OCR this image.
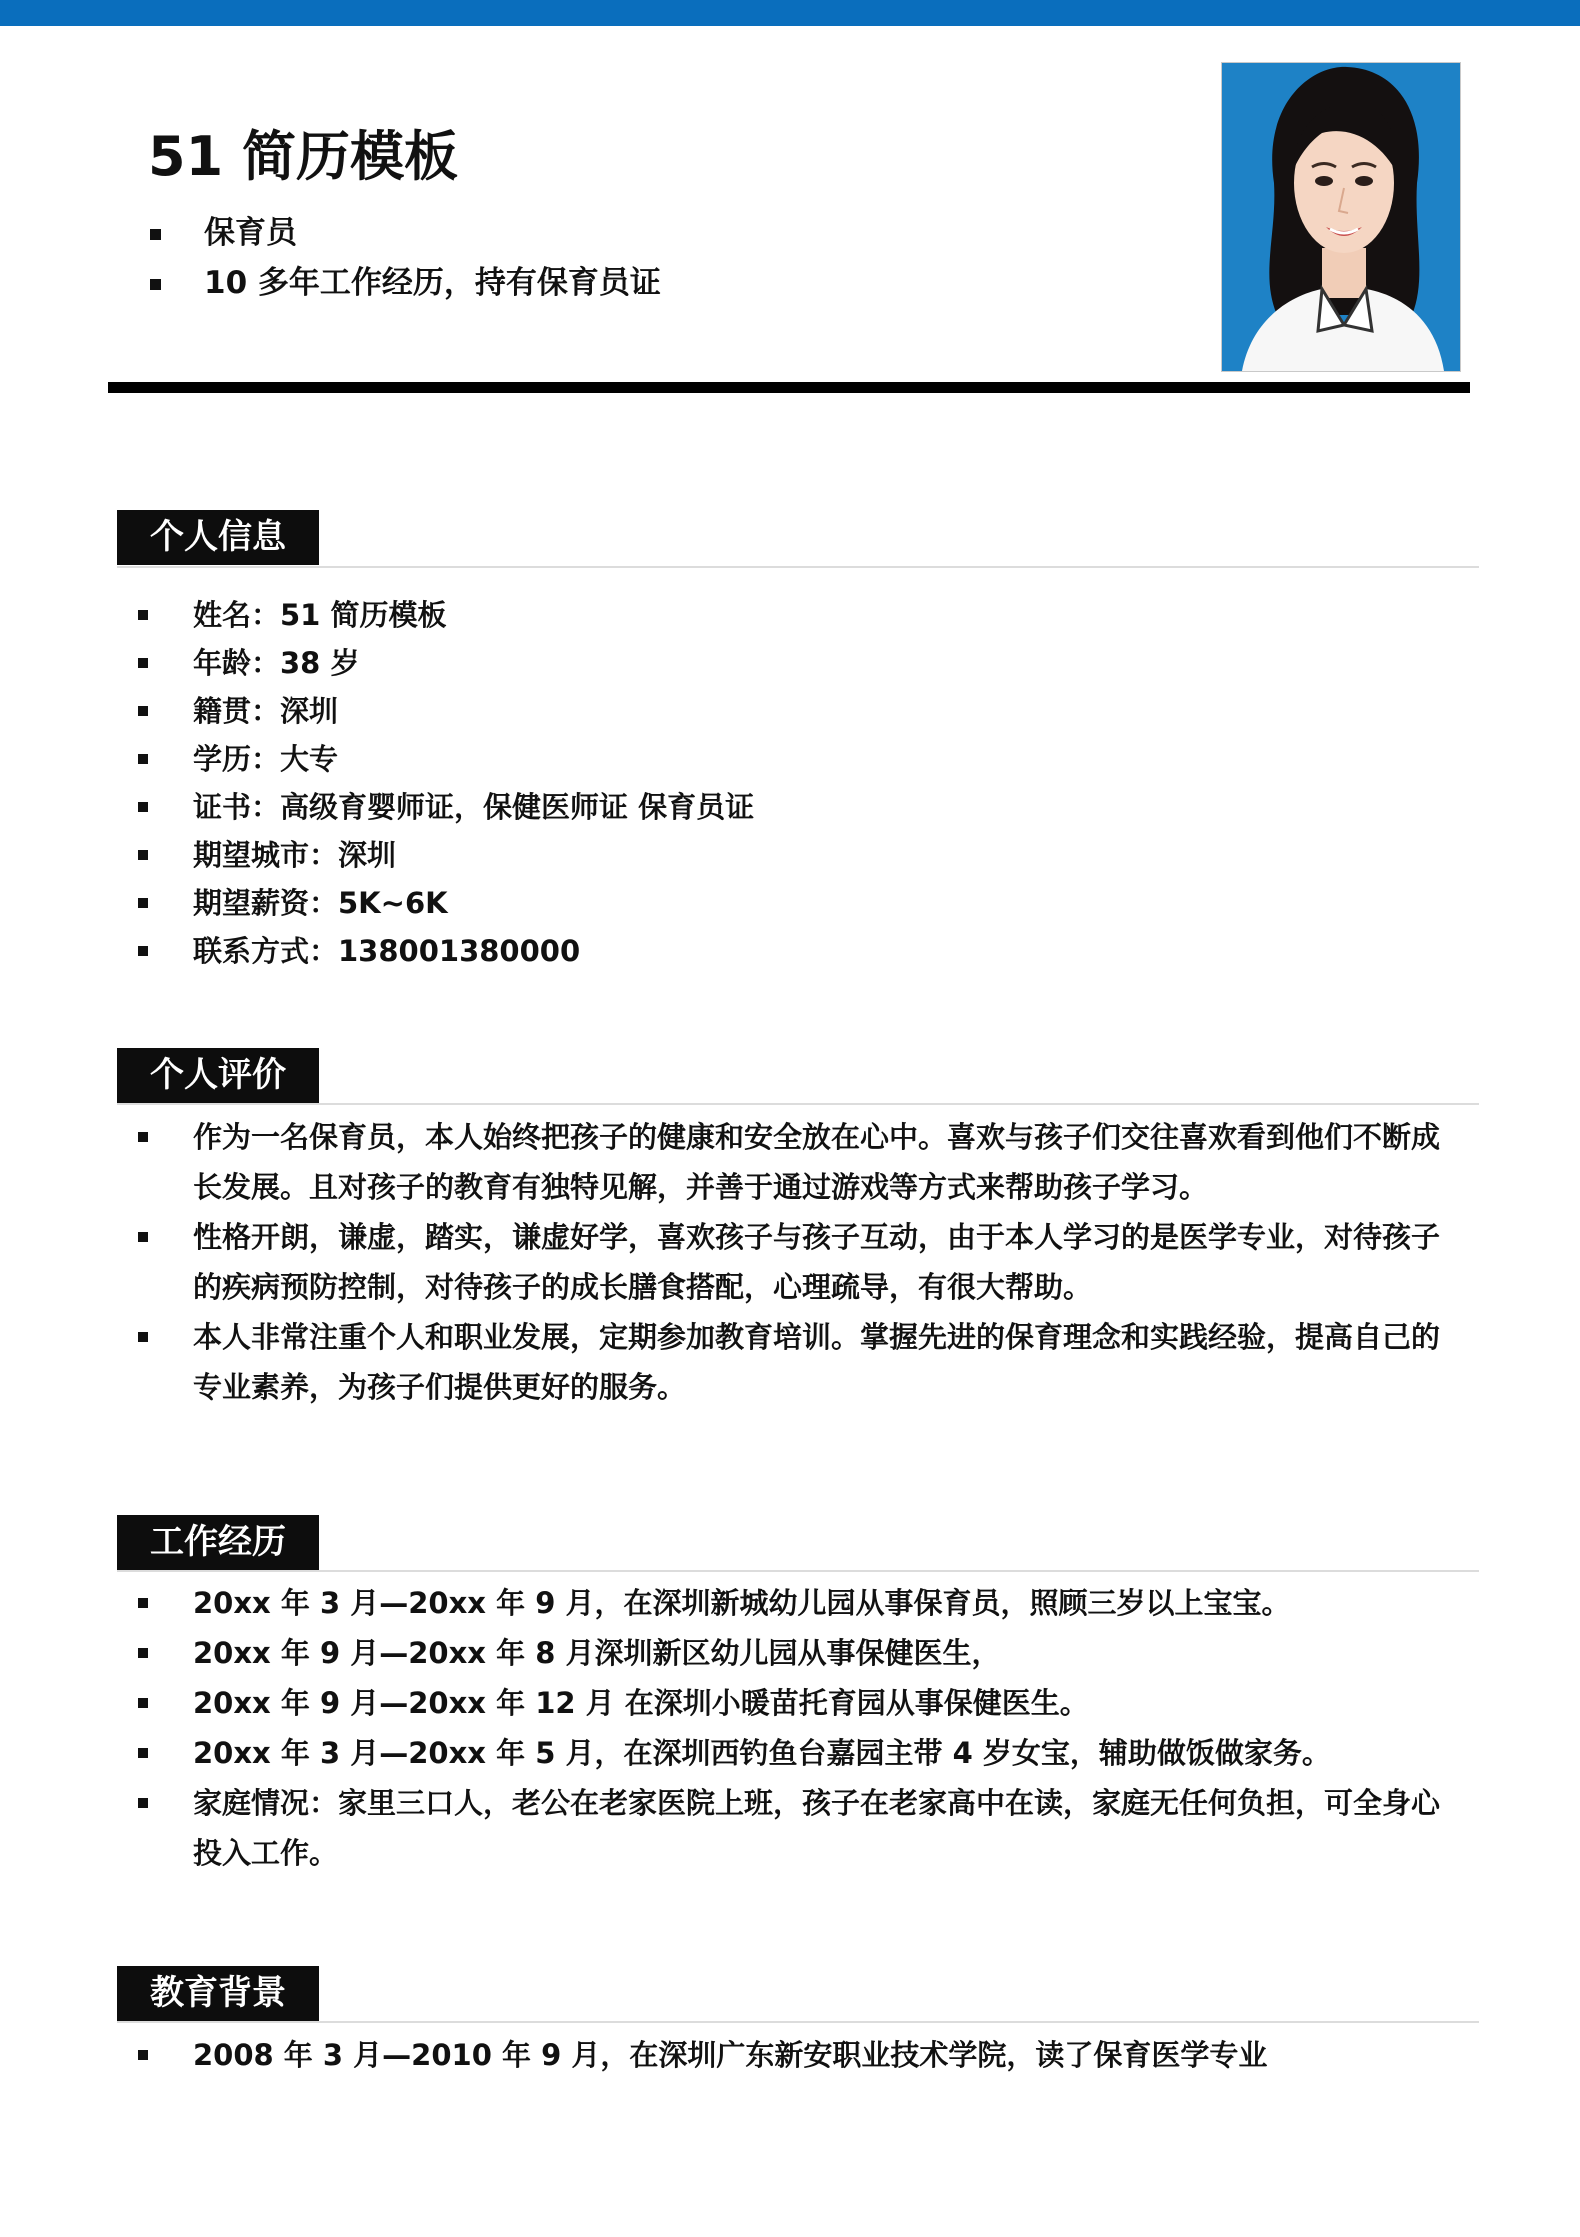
51 简历模板
保育员
10 多年工作经历，持有保育员证
个人信息
姓名：51 简历模板
年龄：38 岁
籍贯：深圳
学历：大专
证书：高级育婴师证，保健医师证 保育员证
期望城市：深圳
期望薪资：5K~6K
联系方式：138001380000
个人评价
作为一名保育员，本人始终把孩子的健康和安全放在心中。喜欢与孩子们交往喜欢看到他们不断成长发展。且对孩子的教育有独特见解，并善于通过游戏等方式来帮助孩子学习。
性格开朗，谦虚，踏实，谦虚好学，喜欢孩子与孩子互动，由于本人学习的是医学专业，对待孩子的疾病预防控制，对待孩子的成长膳食搭配，心理疏导，有很大帮助。
本人非常注重个人和职业发展，定期参加教育培训。掌握先进的保育理念和实践经验，提高自己的专业素养，为孩子们提供更好的服务。
工作经历
20xx 年 3 月—20xx 年 9 月，在深圳新城幼儿园从事保育员，照顾三岁以上宝宝。
20xx 年 9 月—20xx 年 8 月深圳新区幼儿园从事保健医生，
20xx 年 9 月—20xx 年 12 月 在深圳小暖苗托育园从事保健医生。
20xx 年 3 月—20xx 年 5 月，在深圳西钓鱼台嘉园主带 4 岁女宝，辅助做饭做家务。
家庭情况：家里三口人，老公在老家医院上班，孩子在老家高中在读，家庭无任何负担，可全身心投入工作。
教育背景
2008 年 3 月—2010 年 9 月，在深圳广东新安职业技术学院，读了保育医学专业
